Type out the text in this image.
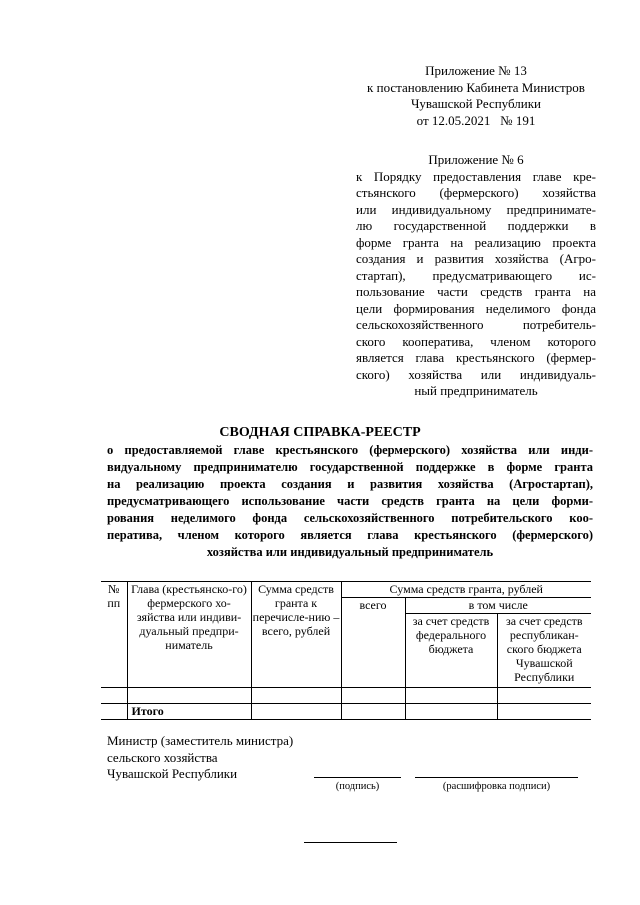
Приложение № 13
к постановлению Кабинета Министров
Чувашской Республики
от 12.05.2021   № 191
Приложение № 6
к Порядку предоставления главе кре-
стьянского (фермерского) хозяйства
или индивидуальному предпринимате-
лю государственной поддержки в
форме гранта на реализацию проекта
создания и развития хозяйства (Агро-
стартап), предусматривающего ис-
пользование части средств гранта на
цели формирования неделимого фонда
сельскохозяйственного потребитель-
ского кооператива, членом которого
является глава крестьянского (фермер-
ского) хозяйства или индивидуаль-
ный предприниматель
СВОДНАЯ СПРАВКА-РЕЕСТР
о предоставляемой главе крестьянского (фермерского) хозяйства или инди-
видуальному предпринимателю государственной поддержке в форме гранта
на реализацию проекта создания и развития хозяйства (Агростартап),
предусматривающего использование части средств гранта на цели форми-
рования неделимого фонда сельскохозяйственного потребительского коо-
ператива, членом которого является глава крестьянского (фермерского)
хозяйства или индивидуальный предприниматель
№ пп	Глава (крестьянско-го) фермерского хо-зяйства или индиви-дуальный предпри-ниматель	Сумма средств гранта к перечисле-нию – всего, рублей	Сумма средств гранта, рублей		
			всего	в том числе	
				за счет средств федерального бюджета	за счет средств республикан-ского бюджета Чувашской Республики

	Итого				
Министр (заместитель министра)
сельского хозяйства
Чувашской Республики
(подпись)	(расшифровка подписи)
